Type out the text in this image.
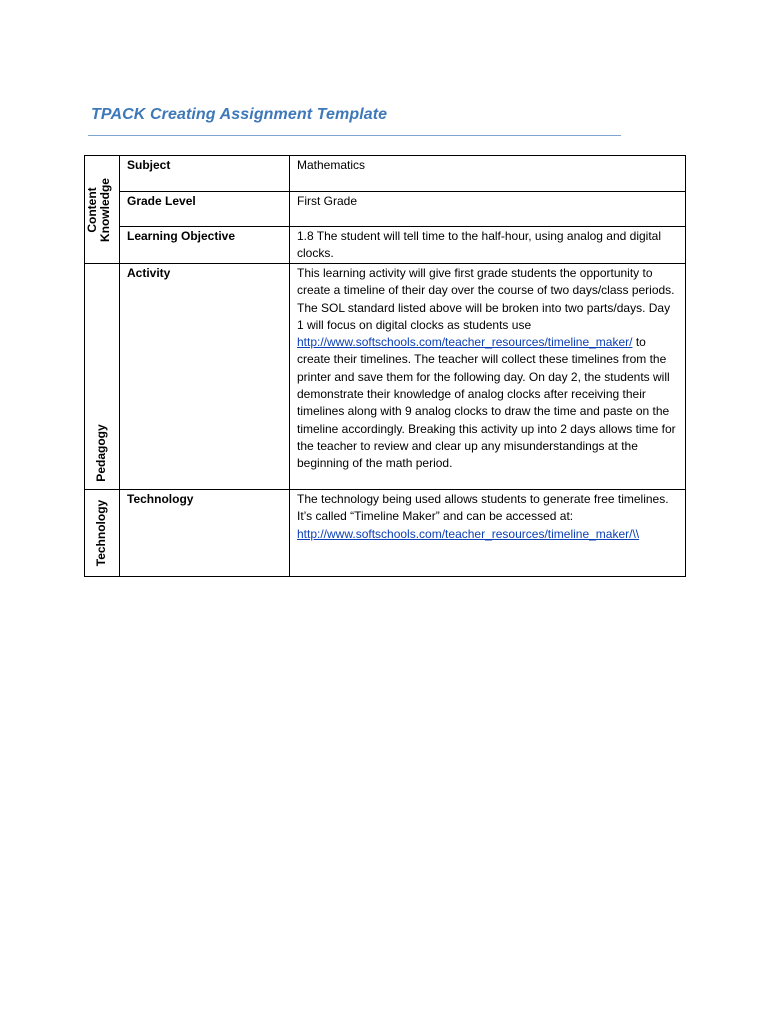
TPACK Creating Assignment Template
Content Knowledge	Subject	Mathematics
	Grade Level	First Grade
	Learning Objective	1.8 The student will tell time to the half-hour, using analog and digital clocks.

Pedagogy	Activity	This learning activity will give first grade students the opportunity to create a timeline of their day over the course of two days/class periods. The SOL standard listed above will be broken into two parts/days. Day 1 will focus on digital clocks as students use http://www.softschools.com/teacher_resources/timeline_maker/ to create their timelines. The teacher will collect these timelines from the printer and save them for the following day. On day 2, the students will demonstrate their knowledge of analog clocks after receiving their timelines along with 9 analog clocks to draw the time and paste on the timeline accordingly. Breaking this activity up into 2 days allows time for the teacher to review and clear up any misunderstandings at the beginning of the math period.

Technology	Technology	The technology being used allows students to generate free timelines. It’s called “Timeline Maker” and can be accessed at: http://www.softschools.com/teacher_resources/timeline_maker/\\
